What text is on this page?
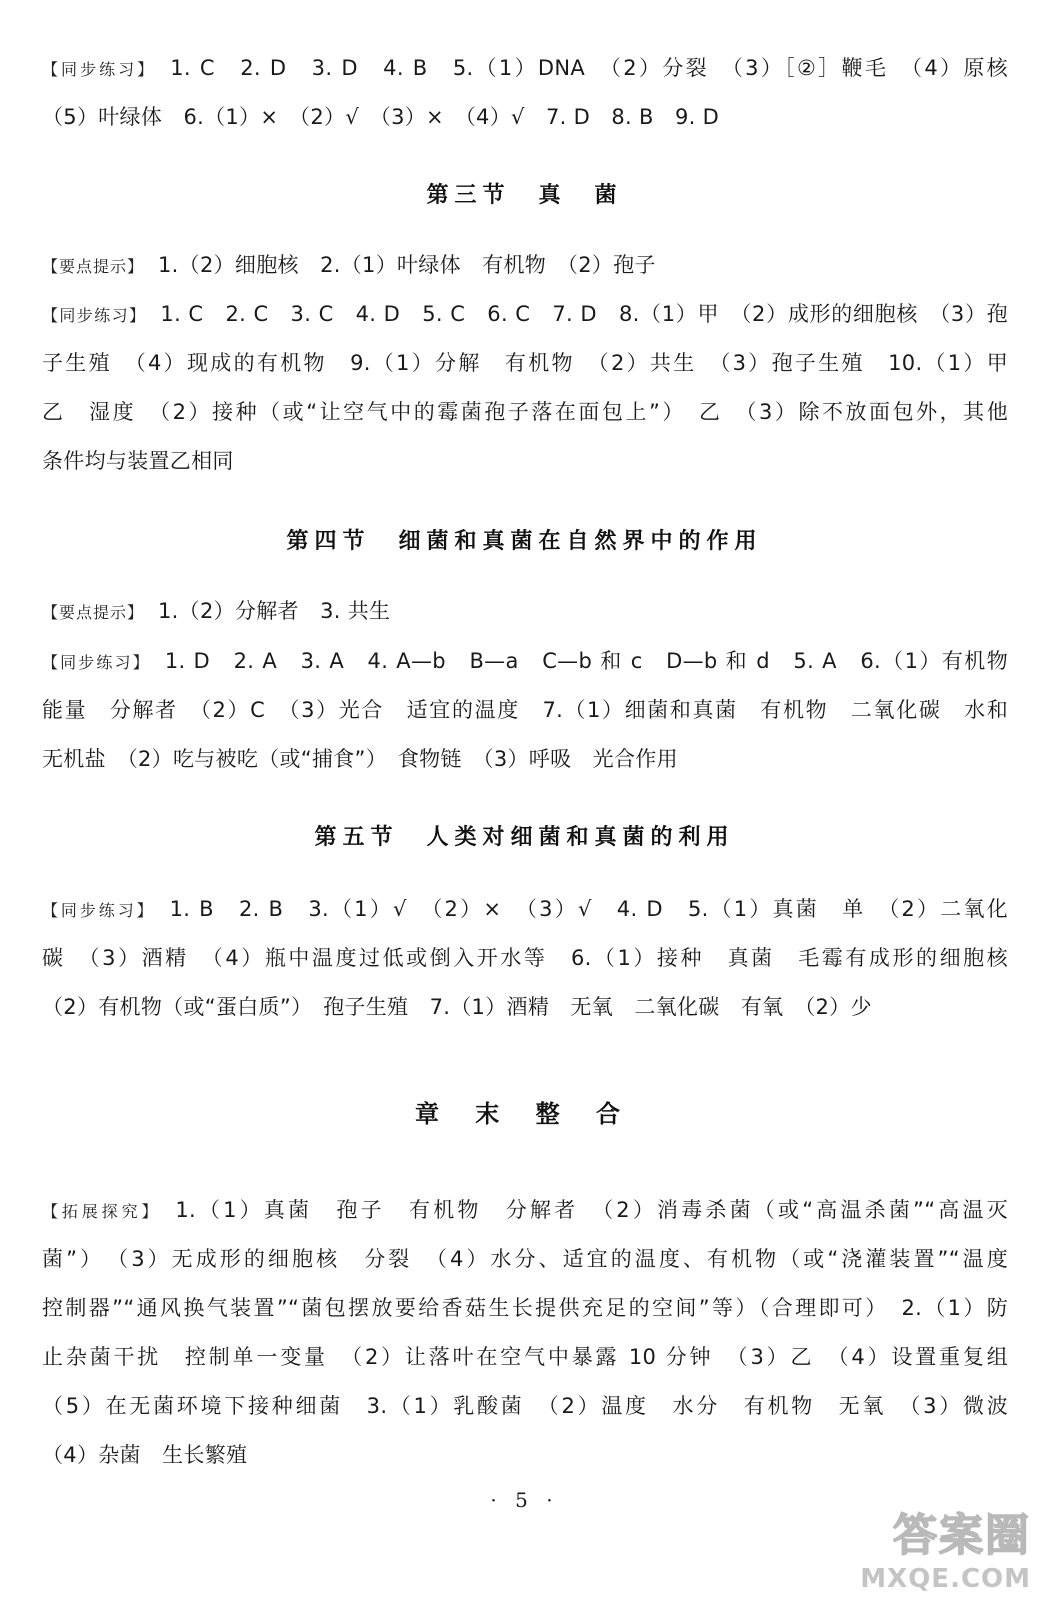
【同步练习】 1. C　2. D　3. D　4. B　5.（1）DNA　（2）分裂　（3）［②］鞭毛　（4）原核
（5）叶绿体　6.（1）×　（2）√　（3）×　（4）√　7. D　8. B　9. D
第三节　真　菌
【要点提示】 1.（2）细胞核　2.（1）叶绿体　有机物　（2）孢子
【同步练习】 1. C　2. C　3. C　4. D　5. C　6. C　7. D　8.（1）甲　（2）成形的细胞核　（3）孢
子生殖　（4）现成的有机物　9.（1）分解　有机物　（2）共生　（3）孢子生殖　10.（1）甲
乙　湿度　（2）接种（或“让空气中的霉菌孢子落在面包上”）　乙　（3）除不放面包外，其他
条件均与装置乙相同
第四节　细菌和真菌在自然界中的作用
【要点提示】 1.（2）分解者　3. 共生
【同步练习】 1. D　2. A　3. A　4. A—b　B—a　C—b 和 c　D—b 和 d　5. A　6.（1）有机物
能量　分解者　（2）C　（3）光合　适宜的温度　7.（1）细菌和真菌　有机物　二氧化碳　水和
无机盐　（2）吃与被吃（或“捕食”）　食物链　（3）呼吸　光合作用
第五节　人类对细菌和真菌的利用
【同步练习】 1. B　2. B　3.（1）√　（2）×　（3）√　4. D　5.（1）真菌　单　（2）二氧化
碳　（3）酒精　（4）瓶中温度过低或倒入开水等　6.（1）接种　真菌　毛霉有成形的细胞核
（2）有机物（或“蛋白质”）　孢子生殖　7.（1）酒精　无氧　二氧化碳　有氧　（2）少
章 末 整 合
【拓展探究】 1.（1）真菌　孢子　有机物　分解者　（2）消毒杀菌（或“高温杀菌”“高温灭
菌”）　（3）无成形的细胞核　分裂　（4）水分、适宜的温度、有机物（或“浇灌装置”“温度
控制器”“通风换气装置”“菌包摆放要给香菇生长提供充足的空间”等）（合理即可）　2.（1）防
止杂菌干扰　控制单一变量　（2）让落叶在空气中暴露 10 分钟　（3）乙　（4）设置重复组
（5）在无菌环境下接种细菌　3.（1）乳酸菌　（2）温度　水分　有机物　无氧　（3）微波
（4）杂菌　生长繁殖
· 5 ·
答案圈
MXQE.COM
